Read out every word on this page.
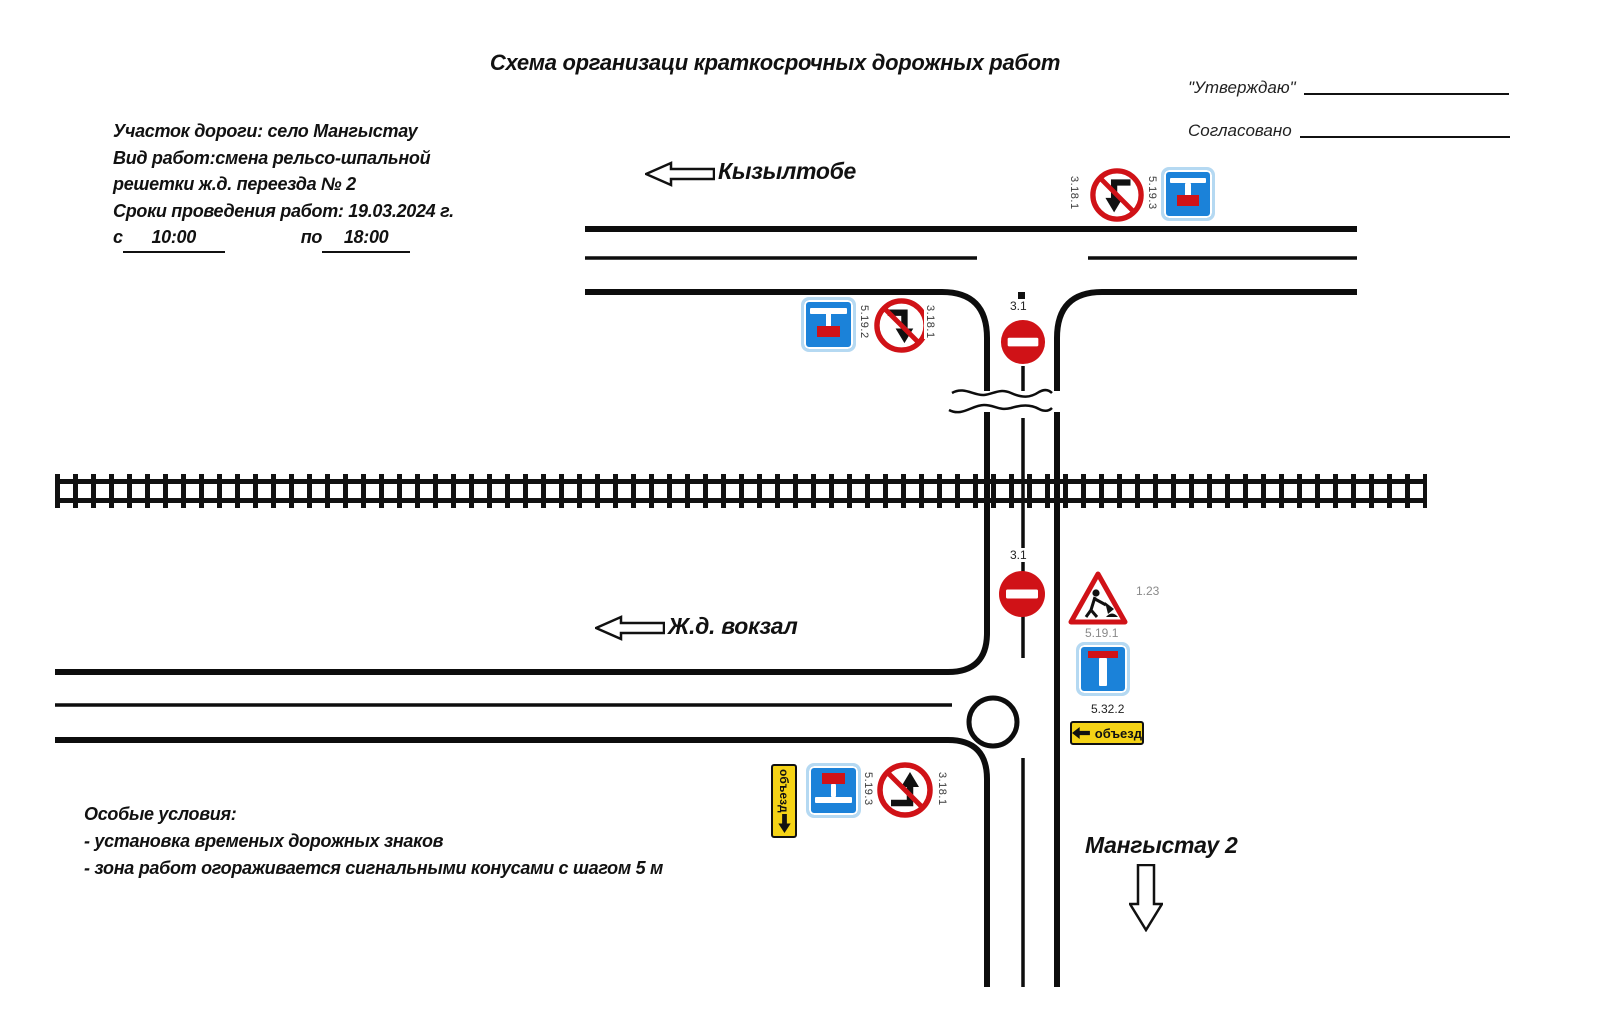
Схема организаци краткосрочных дорожных работ
"Утверждаю"
Согласовано
Участок дороги: село Мангыстау
Вид работ:смена рельсо-шпальной
решетки ж.д. переезда № 2
Сроки проведения работ: 19.03.2024 г.
с 10:00	по 18:00
Кызылтобе
Ж.д. вокзал
Мангыстау 2
3.18.1	5.19.3
5.19.2	3.18.1	3.1
3.1
1.23
5.19.1
5.32.2
объезд
объезд	5.19.3	3.18.1
Особые условия:
- установка временых дорожных знаков
- зона работ огораживается сигнальными конусами с шагом 5 м
